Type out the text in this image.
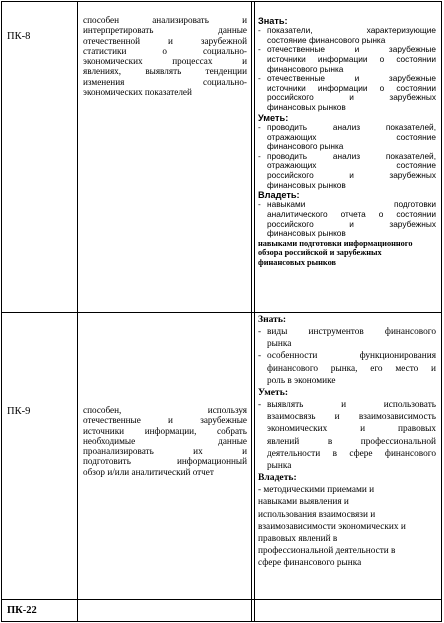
ПК-8
способен анализировать и
интерпретировать данные
отечественной и зарубежной
статистики о социально-
экономических процессах и
явлениях, выявлять тенденции
изменения социально-
экономических показателей
Знать:
- показатели, характеризующие
состояние финансового рынка
- отечественные и зарубежные
источники информации о состоянии
финансового рынка
- отечественные и зарубежные
источники информации о состоянии
российского и зарубежных
финансовых рынков
Уметь:
- проводить анализ показателей,
отражающих состояние
финансового рынка
- проводить анализ показателей,
отражающих состояние
российского и зарубежных
финансовых рынков
Владеть:
- навыками подготовки
аналитического отчета о состоянии
российского и зарубежных
финансовых рынков
навыками подготовки информационного
обзора российской и зарубежных
финансовых рынков
ПК-9	способен, используя
отечественные и зарубежные
источники информации, собрать
необходимые данные
проанализировать их и
подготовить информационный
обзор и/или аналитический отчет
Знать:
- виды инструментов финансового
рынка
- особенности функционирования
финансового рынка, его место и
роль в экономике
Уметь:
- выявлять и использовать
взаимосвязь и взаимозависимость
экономических и правовых
явлений в профессиональной
деятельности в сфере финансового
рынка
Владеть:
- методическими приемами и
навыками выявления и
использования взаимосвязи и
взаимозависимости экономических и
правовых явлений в
профессиональной деятельности в
сфере финансового рынка
ПК-22
